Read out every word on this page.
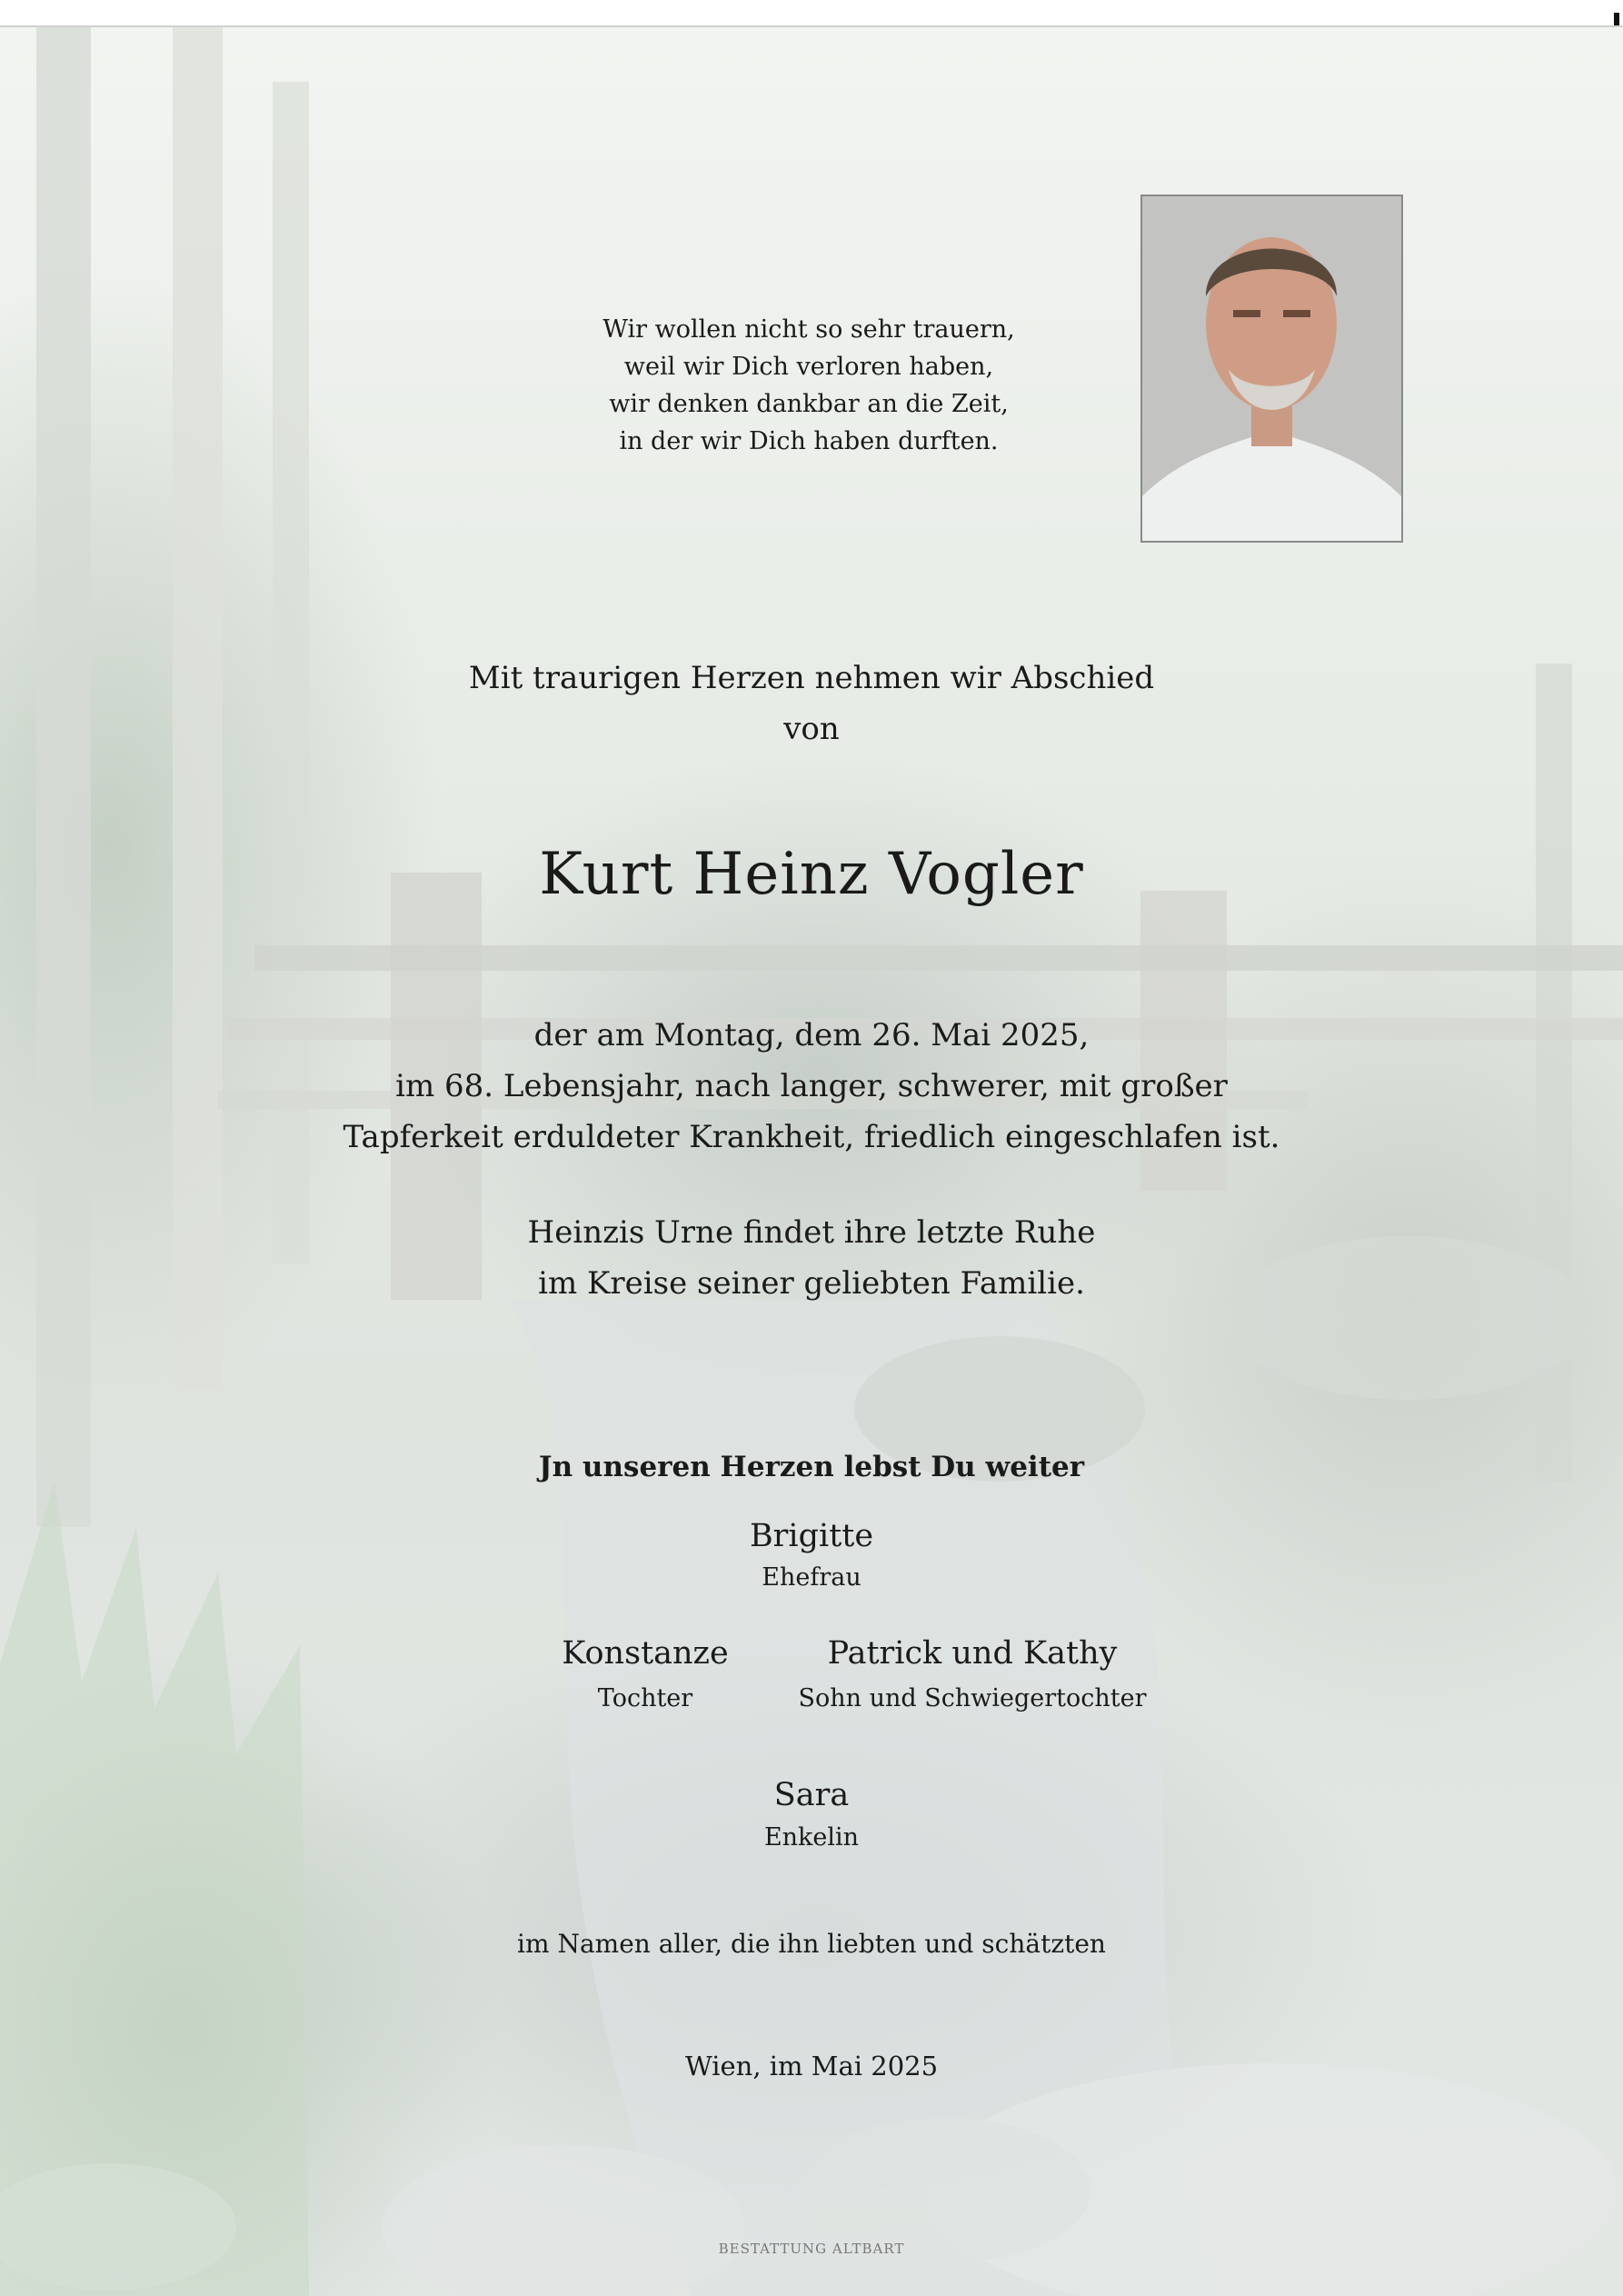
Wir wollen nicht so sehr trauern,
weil wir Dich verloren haben,
wir denken dankbar an die Zeit,
in der wir Dich haben durften.
Mit traurigen Herzen nehmen wir Abschied
von
Kurt Heinz Vogler
der am Montag, dem 26. Mai 2025,
im 68. Lebensjahr, nach langer, schwerer, mit großer
Tapferkeit erduldeter Krankheit, friedlich eingeschlafen ist.
Heinzis Urne findet ihre letzte Ruhe
im Kreise seiner geliebten Familie.
Jn unseren Herzen lebst Du weiter
Brigitte
Ehefrau
Konstanze
Tochter
Patrick und Kathy
Sohn und Schwiegertochter
Sara
Enkelin
im Namen aller, die ihn liebten und schätzten
Wien, im Mai 2025
BESTATTUNG ALTBART
